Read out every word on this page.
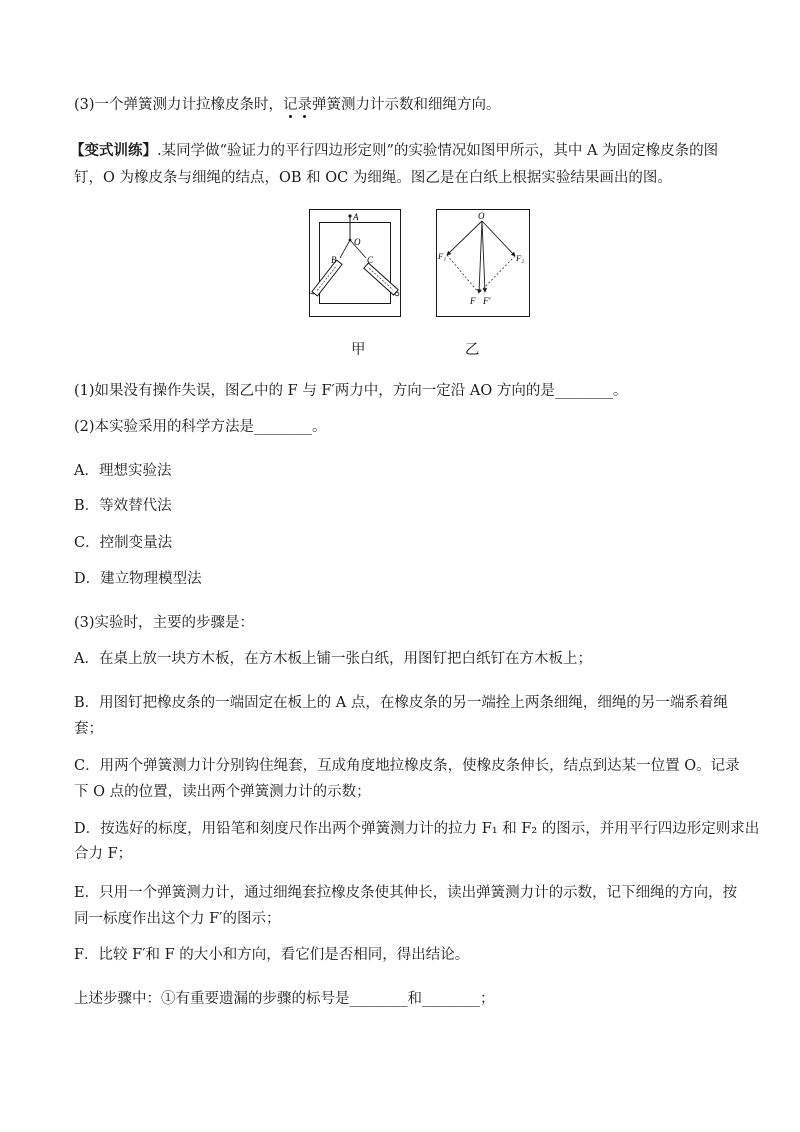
(3)一个弹簧测力计拉橡皮条时，记录弹簧测力计示数和细绳方向。
【变式训练】.某同学做“验证力的平行四边形定则”的实验情况如图甲所示，其中 A 为固定橡皮条的图
钉，O 为橡皮条与细绳的结点，OB 和 OC 为细绳。图乙是在白纸上根据实验结果画出的图。
A
O
B	C
O
F₁	F₂
F F′
甲	乙
(1)如果没有操作失误，图乙中的 F 与 F′两力中，方向一定沿 AO 方向的是________。
(2)本实验采用的科学方法是________。
A．理想实验法
B．等效替代法
C．控制变量法
D．建立物理模型法
(3)实验时，主要的步骤是：
A．在桌上放一块方木板，在方木板上铺一张白纸，用图钉把白纸钉在方木板上；
B．用图钉把橡皮条的一端固定在板上的 A 点，在橡皮条的另一端拴上两条细绳，细绳的另一端系着绳
套；
C．用两个弹簧测力计分别钩住绳套，互成角度地拉橡皮条，使橡皮条伸长，结点到达某一位置 O。记录
下 O 点的位置，读出两个弹簧测力计的示数；
D．按选好的标度，用铅笔和刻度尺作出两个弹簧测力计的拉力 F₁ 和 F₂ 的图示，并用平行四边形定则求出
合力 F；
E．只用一个弹簧测力计，通过细绳套拉橡皮条使其伸长，读出弹簧测力计的示数，记下细绳的方向，按
同一标度作出这个力 F′的图示；
F．比较 F′和 F 的大小和方向，看它们是否相同，得出结论。
上述步骤中：①有重要遗漏的步骤的标号是________和________；
